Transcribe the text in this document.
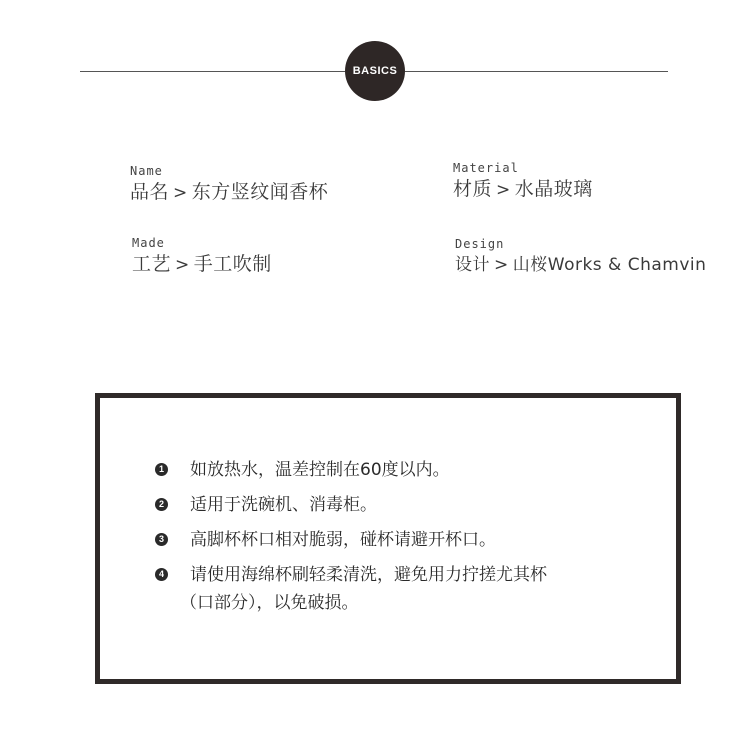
BASICS
Name
品名 > 东方竖纹闻香杯
Material
材质 > 水晶玻璃
Made
工艺 > 手工吹制
Design
设计 > 山桜Works & Chamvin
1 如放热水，温差控制在60度以内。
2 适用于洗碗机、消毒柜。
3 高脚杯杯口相对脆弱，碰杯请避开杯口。
4 请使用海绵杯刷轻柔清洗，避免用力拧搓尤其杯
（口部分），以免破损。
